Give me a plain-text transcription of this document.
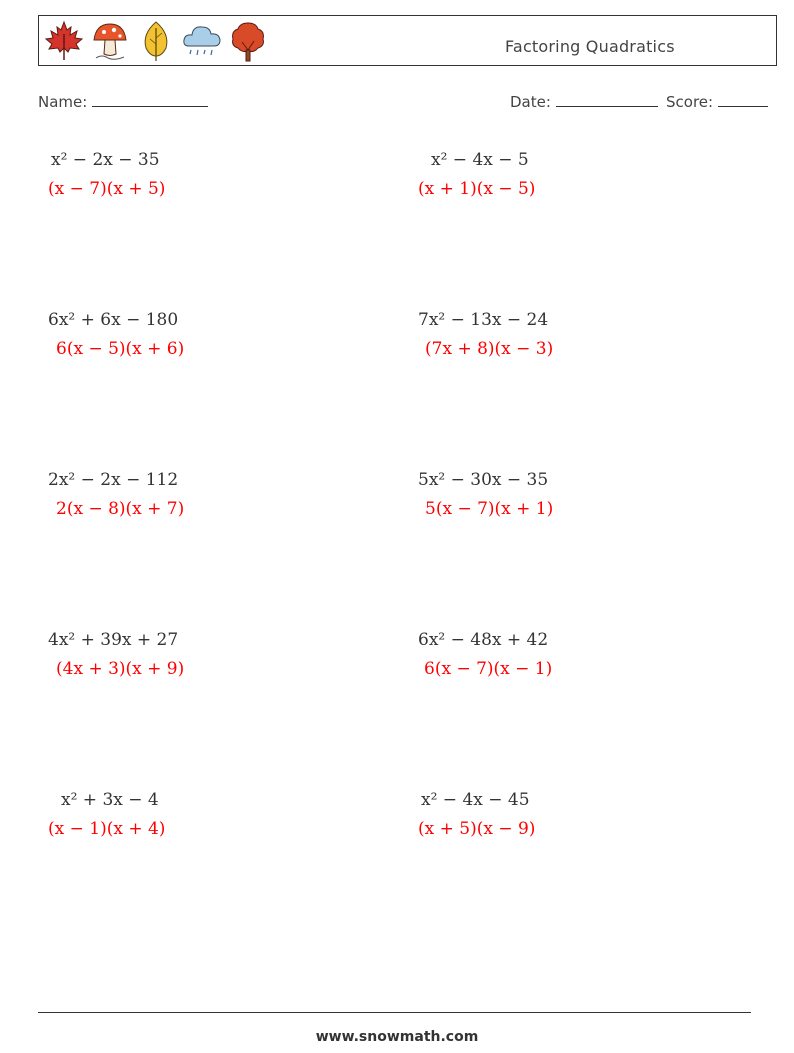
Factoring Quadratics
Name:	Date:	Score:
x² − 2x − 35
(x − 7)(x + 5)
x² − 4x − 5
(x + 1)(x − 5)
6x² + 6x − 180
6(x − 5)(x + 6)
7x² − 13x − 24
(7x + 8)(x − 3)
2x² − 2x − 112
2(x − 8)(x + 7)
5x² − 30x − 35
5(x − 7)(x + 1)
4x² + 39x + 27
(4x + 3)(x + 9)
6x² − 48x + 42
6(x − 7)(x − 1)
x² + 3x − 4
(x − 1)(x + 4)
x² − 4x − 45
(x + 5)(x − 9)
www.snowmath.com
